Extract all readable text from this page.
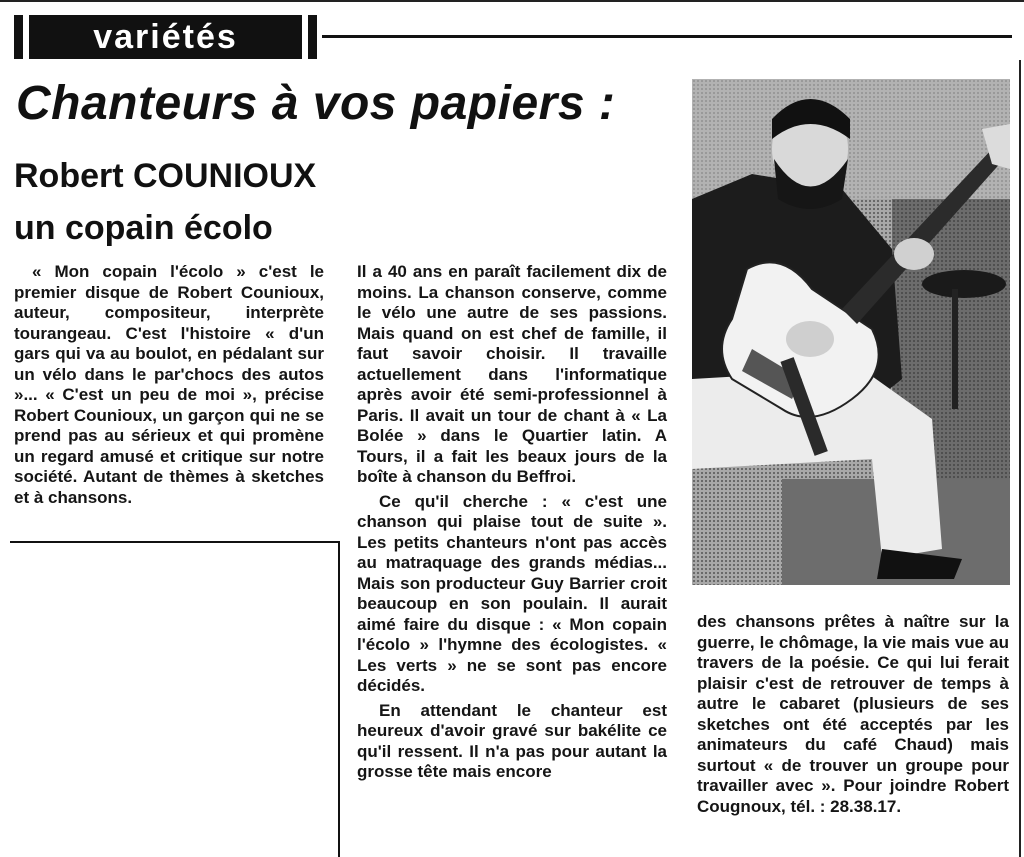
variétés
Chanteurs à vos papiers :
Robert COUNIOUX
un copain écolo

« Mon copain l'écolo » c'est le premier disque de Robert Counioux, auteur, compositeur, interprète tourangeau. C'est l'histoire « d'un gars qui va au boulot, en pédalant sur un vélo dans le par'chocs des autos »... « C'est un peu de moi », précise Robert Counioux, un garçon qui ne se prend pas au sérieux et qui promène un regard amusé et critique sur notre société. Autant de thèmes à sketches et à chansons.

Il a 40 ans en paraît facilement dix de moins. La chanson conserve, comme le vélo une autre de ses passions. Mais quand on est chef de famille, il faut savoir choisir. Il travaille actuellement dans l'informatique après avoir été semi-professionnel à Paris. Il avait un tour de chant à « La Bolée » dans le Quartier latin. A Tours, il a fait les beaux jours de la boîte à chanson du Beffroi.

Ce qu'il cherche : « c'est une chanson qui plaise tout de suite ». Les petits chanteurs n'ont pas accès au matraquage des grands médias... Mais son producteur Guy Barrier croit beaucoup en son poulain. Il aurait aimé faire du disque : « Mon copain l'écolo » l'hymne des écologistes. « Les verts » ne se sont pas encore décidés.

En attendant le chanteur est heureux d'avoir gravé sur bakélite ce qu'il ressent. Il n'a pas pour autant la grosse tête mais encore

des chansons prêtes à naître sur la guerre, le chômage, la vie mais vue au travers de la poésie. Ce qui lui ferait plaisir c'est de retrouver de temps à autre le cabaret (plusieurs de ses sketches ont été acceptés par les animateurs du café Chaud) mais surtout « de trouver un groupe pour travailler avec ». Pour joindre Robert Cougnoux, tél. : 28.38.17.
